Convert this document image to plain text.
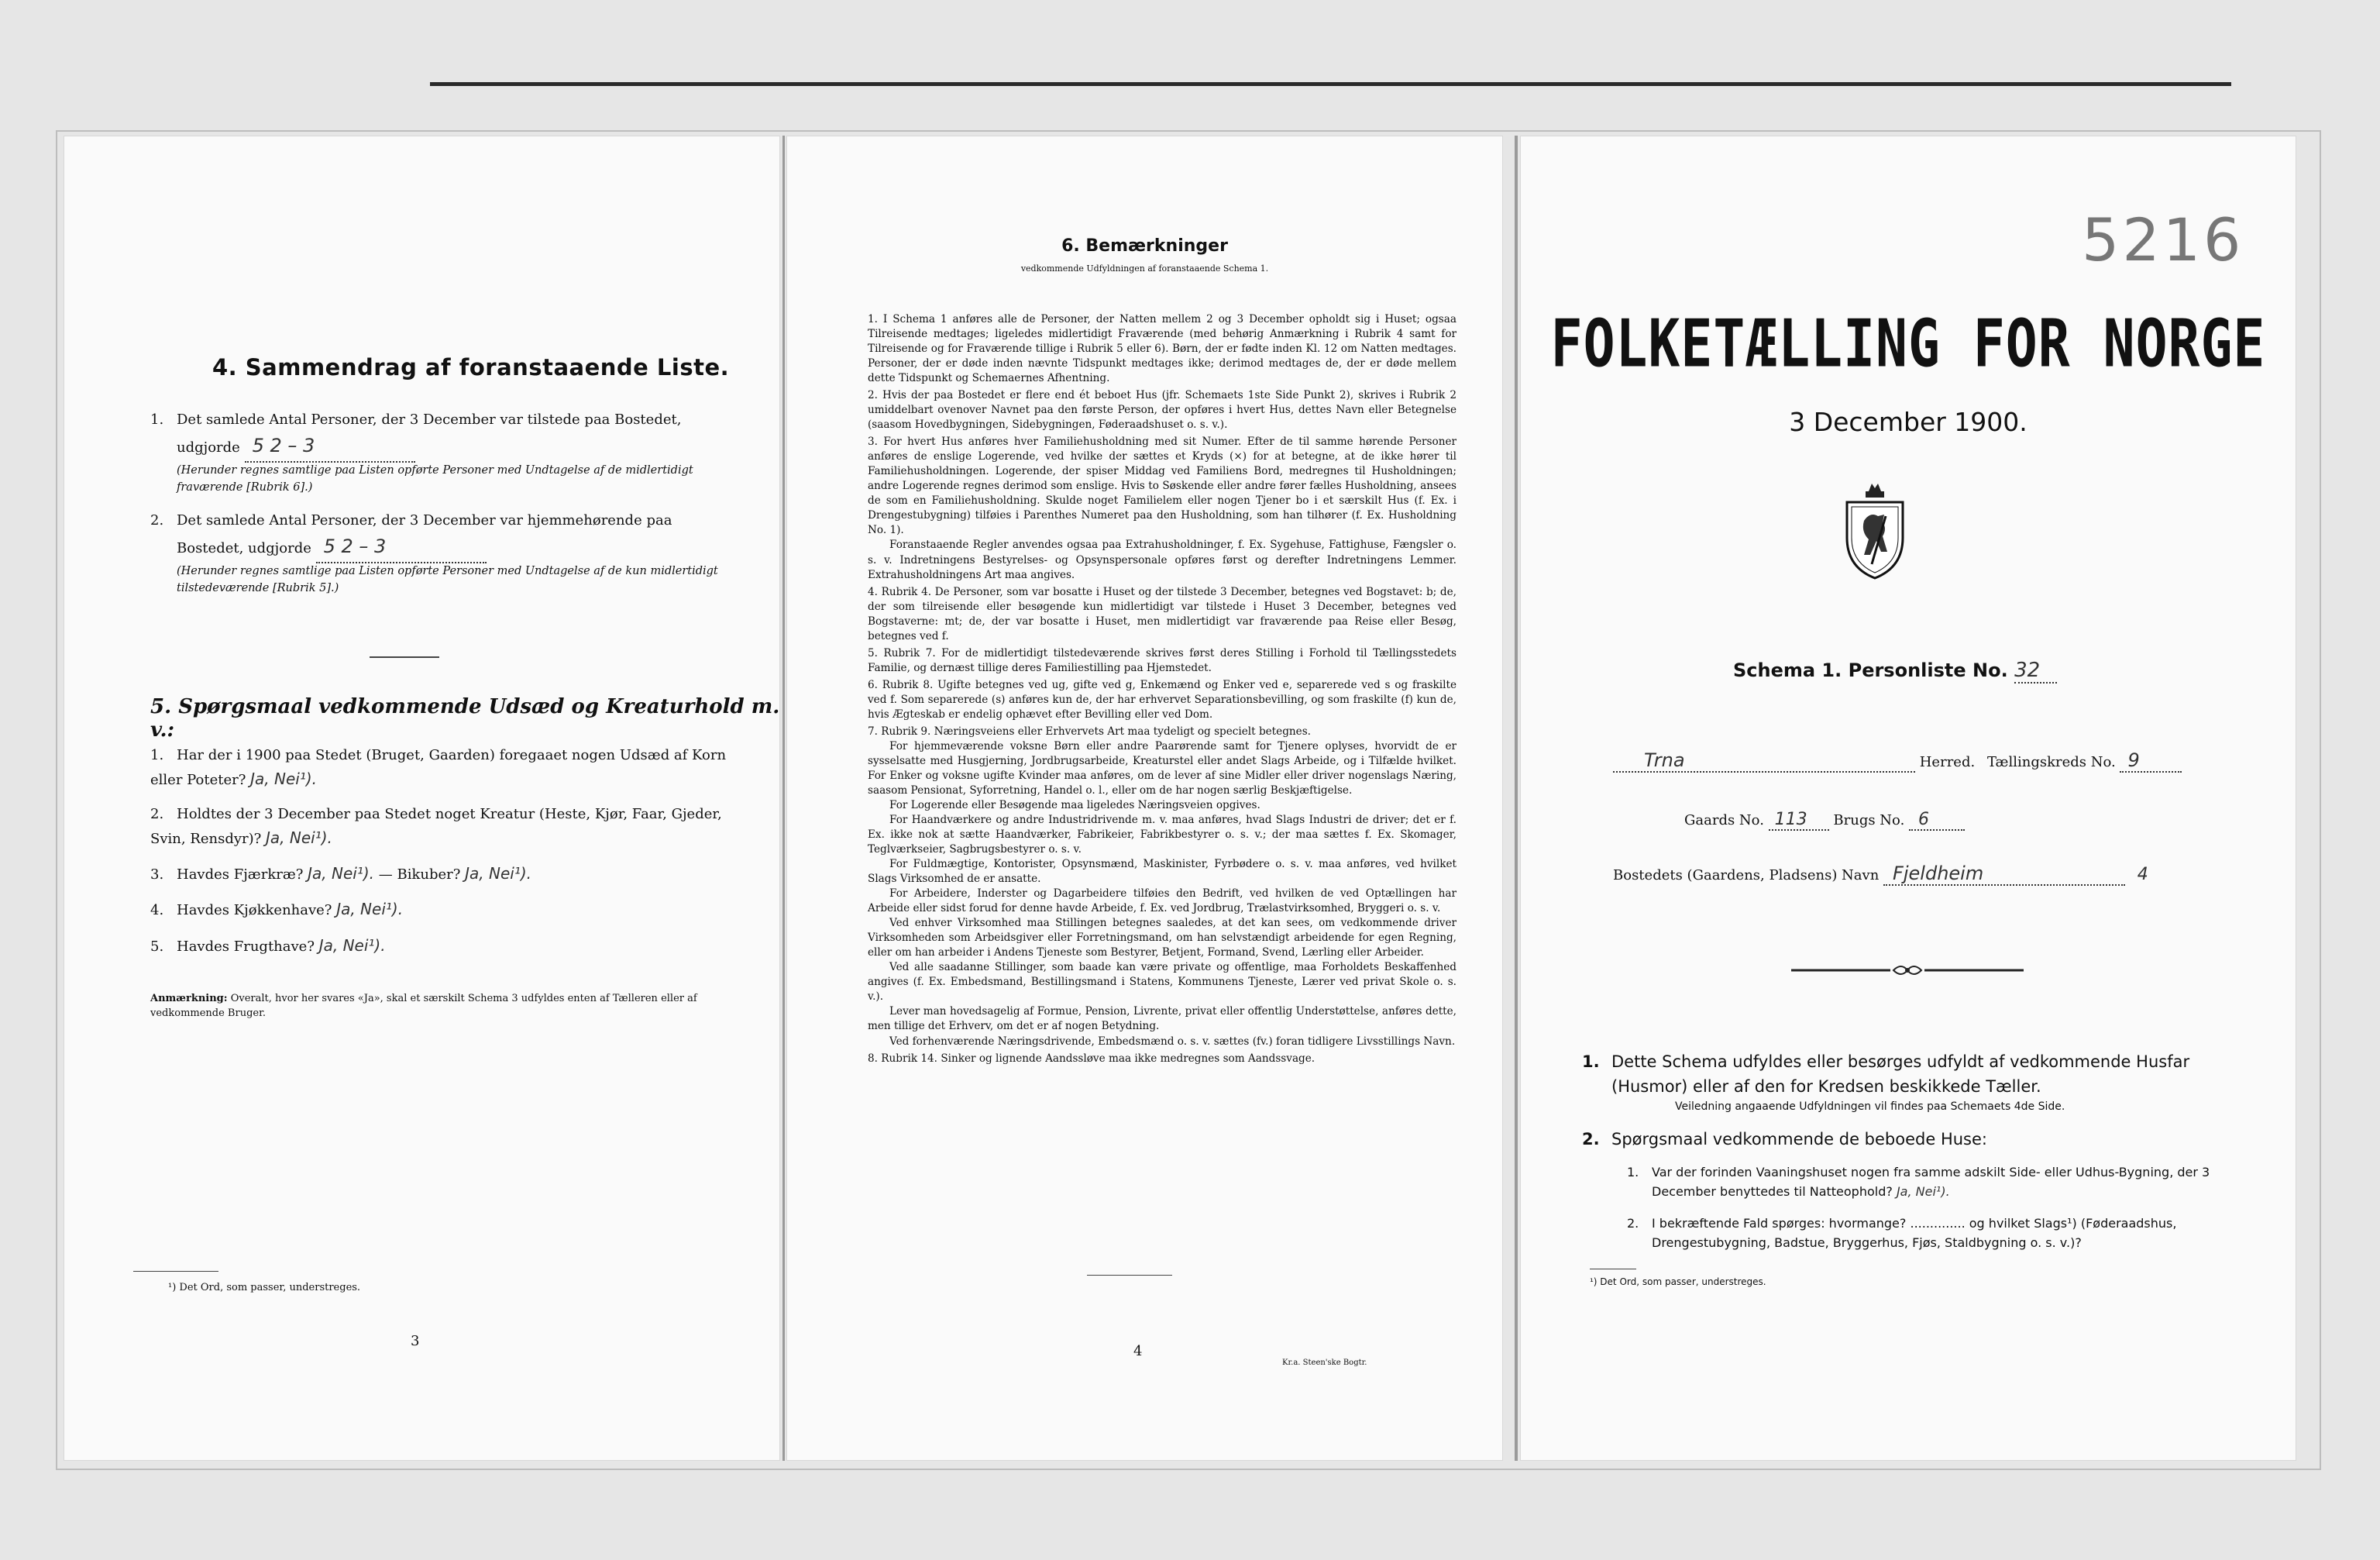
4. Sammendrag af foranstaaende Liste.

1. Det samlede Antal Personer, der 3 December var tilstede paa Bostedet,

udgjorde 5 2 – 3

(Herunder regnes samtlige paa Listen opførte Personer med Undtagelse af de midlertidigt fraværende [Rubrik 6].)

2. Det samlede Antal Personer, der 3 December var hjemmehørende paa

Bostedet, udgjorde 5 2 – 3

(Herunder regnes samtlige paa Listen opførte Personer med Undtagelse af de kun midlertidigt tilstedeværende [Rubrik 5].)

5. Spørgsmaal vedkommende Udsæd og Kreaturhold m. v.:

1. Har der i 1900 paa Stedet (Bruget, Gaarden) foregaaet nogen Udsæd af Korn eller Poteter? Ja, Nei¹).

2. Holdtes der 3 December paa Stedet noget Kreatur (Heste, Kjør, Faar, Gjeder, Svin, Rensdyr)? Ja, Nei¹).

3. Havdes Fjærkræ? Ja, Nei¹). — Bikuber? Ja, Nei¹).

4. Havdes Kjøkkenhave? Ja, Nei¹).

5. Havdes Frugthave? Ja, Nei¹).

Anmærkning: Overalt, hvor her svares «Ja», skal et særskilt Schema 3 udfyldes enten af Tælleren eller af vedkommende Bruger.
¹) Det Ord, som passer, understreges.
3
6. Bemærkninger
vedkommende Udfyldningen af foranstaaende Schema 1.

1. I Schema 1 anføres alle de Personer, der Natten mellem 2 og 3 December opholdt sig i Huset; ogsaa Tilreisende medtages; ligeledes midlertidigt Fraværende (med behørig Anmærkning i Rubrik 4 samt for Tilreisende og for Fraværende tillige i Rubrik 5 eller 6). Børn, der er fødte inden Kl. 12 om Natten medtages. Personer, der er døde inden nævnte Tidspunkt medtages ikke; derimod medtages de, der er døde mellem dette Tidspunkt og Schemaernes Afhentning.

2. Hvis der paa Bostedet er flere end ét beboet Hus (jfr. Schemaets 1ste Side Punkt 2), skrives i Rubrik 2 umiddelbart ovenover Navnet paa den første Person, der opføres i hvert Hus, dettes Navn eller Betegnelse (saasom Hovedbygningen, Sidebygningen, Føderaadshuset o. s. v.).

3. For hvert Hus anføres hver Familiehusholdning med sit Numer. Efter de til samme hørende Personer anføres de enslige Logerende, ved hvilke der sættes et Kryds (×) for at betegne, at de ikke hører til Familiehusholdningen. Logerende, der spiser Middag ved Familiens Bord, medregnes til Husholdningen; andre Logerende regnes derimod som enslige. Hvis to Søskende eller andre fører fælles Husholdning, ansees de som en Familiehusholdning. Skulde noget Familielem eller nogen Tjener bo i et særskilt Hus (f. Ex. i Drengestubygning) tilføies i Parenthes Numeret paa den Husholdning, som han tilhører (f. Ex. Husholdning No. 1).

Foranstaaende Regler anvendes ogsaa paa Extrahusholdninger, f. Ex. Sygehuse, Fattighuse, Fængsler o. s. v. Indretningens Bestyrelses- og Opsynspersonale opføres først og derefter Indretningens Lemmer. Extrahusholdningens Art maa angives.

4. Rubrik 4. De Personer, som var bosatte i Huset og der tilstede 3 December, betegnes ved Bogstavet: b; de, der som tilreisende eller besøgende kun midlertidigt var tilstede i Huset 3 December, betegnes ved Bogstaverne: mt; de, der var bosatte i Huset, men midlertidigt var fraværende paa Reise eller Besøg, betegnes ved f.

5. Rubrik 7. For de midlertidigt tilstedeværende skrives først deres Stilling i Forhold til Tællingsstedets Familie, og dernæst tillige deres Familiestilling paa Hjemstedet.

6. Rubrik 8. Ugifte betegnes ved ug, gifte ved g, Enkemænd og Enker ved e, separerede ved s og fraskilte ved f. Som separerede (s) anføres kun de, der har erhvervet Separationsbevilling, og som fraskilte (f) kun de, hvis Ægteskab er endelig ophævet efter Bevilling eller ved Dom.

7. Rubrik 9. Næringsveiens eller Erhvervets Art maa tydeligt og specielt betegnes.

For hjemmeværende voksne Børn eller andre Paarørende samt for Tjenere oplyses, hvorvidt de er sysselsatte med Husgjerning, Jordbrugsarbeide, Kreaturstel eller andet Slags Arbeide, og i Tilfælde hvilket. For Enker og voksne ugifte Kvinder maa anføres, om de lever af sine Midler eller driver nogenslags Næring, saasom Pensionat, Syforretning, Handel o. l., eller om de har nogen særlig Beskjæftigelse.

For Logerende eller Besøgende maa ligeledes Næringsveien opgives.

For Haandværkere og andre Industridrivende m. v. maa anføres, hvad Slags Industri de driver; det er f. Ex. ikke nok at sætte Haandværker, Fabrikeier, Fabrikbestyrer o. s. v.; der maa sættes f. Ex. Skomager, Teglværkseier, Sagbrugsbestyrer o. s. v.

For Fuldmægtige, Kontorister, Opsynsmænd, Maskinister, Fyrbødere o. s. v. maa anføres, ved hvilket Slags Virksomhed de er ansatte.

For Arbeidere, Inderster og Dagarbeidere tilføies den Bedrift, ved hvilken de ved Optællingen har Arbeide eller sidst forud for denne havde Arbeide, f. Ex. ved Jordbrug, Trælastvirksomhed, Bryggeri o. s. v.

Ved enhver Virksomhed maa Stillingen betegnes saaledes, at det kan sees, om vedkommende driver Virksomheden som Arbeidsgiver eller Forretningsmand, om han selvstændigt arbeidende for egen Regning, eller om han arbeider i Andens Tjeneste som Bestyrer, Betjent, Formand, Svend, Lærling eller Arbeider.

Ved alle saadanne Stillinger, som baade kan være private og offentlige, maa Forholdets Beskaffenhed angives (f. Ex. Embedsmand, Bestillingsmand i Statens, Kommunens Tjeneste, Lærer ved privat Skole o. s. v.).

Lever man hovedsagelig af Formue, Pension, Livrente, privat eller offentlig Understøttelse, anføres dette, men tillige det Erhverv, om det er af nogen Betydning.

Ved forhenværende Næringsdrivende, Embedsmænd o. s. v. sættes (fv.) foran tidligere Livsstillings Navn.

8. Rubrik 14. Sinker og lignende Aandssløve maa ikke medregnes som Aandssvage.

4
Kr.a. Steen'ske Bogtr.
5216
FOLKETÆLLING FOR NORGE
3 December 1900.
Schema 1. Personliste No. 32
Trna	Herred. Tællingskreds No. 9
Gaards No. 113 Brugs No. 6
Bostedets (Gaardens, Pladsens) Navn Fjeldheim	4

1. Dette Schema udfyldes eller besørges udfyldt af vedkommende Husfar (Husmor) eller af den for Kredsen beskikkede Tæller.

Veiledning angaaende Udfyldningen vil findes paa Schemaets 4de Side.

2. Spørgsmaal vedkommende de beboede Huse:

1.	Var der forinden Vaaningshuset nogen fra samme adskilt Side- eller Udhus-Bygning, der 3 December benyttedes til Natteophold? Ja, Nei¹).

2.	I bekræftende Fald spørges: hvormange? .............. og hvilket Slags¹) (Føderaadshus, Drengestubygning, Badstue, Bryggerhus, Fjøs, Staldbygning o. s. v.)?

¹) Det Ord, som passer, understreges.
